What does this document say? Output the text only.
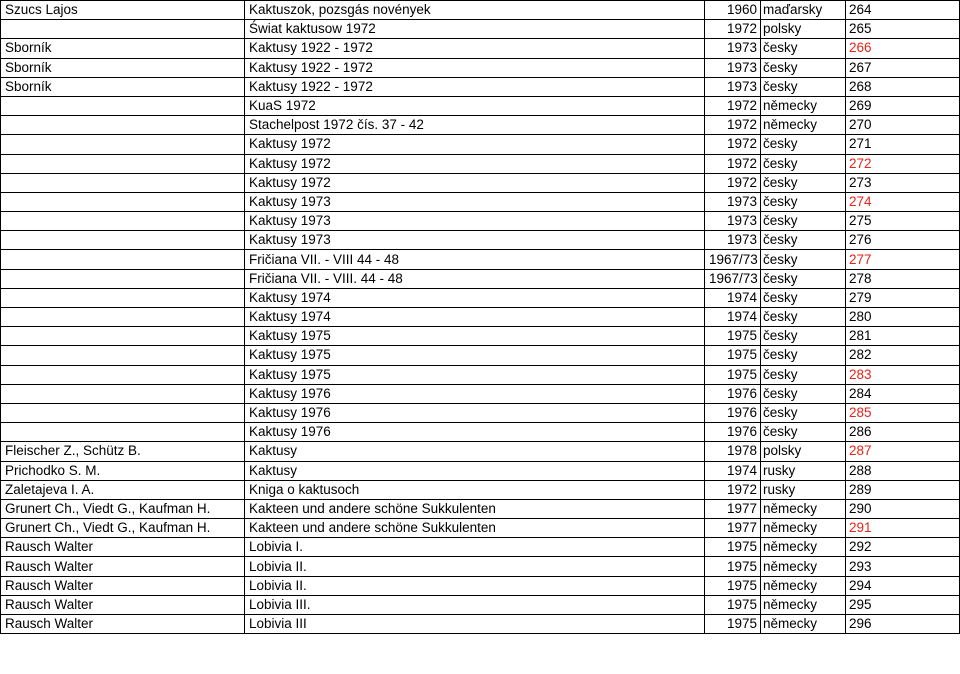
Szucs Lajos	Kaktuszok, pozsgás novények	1960	maďarsky	264
	Świat kaktusow 1972	1972	polsky	265
Sborník	Kaktusy 1922 - 1972	1973	česky	266
Sborník	Kaktusy 1922 - 1972	1973	česky	267
Sborník	Kaktusy 1922 - 1972	1973	česky	268
	KuaS 1972	1972	německy	269
	Stachelpost 1972 čís. 37 - 42	1972	německy	270
	Kaktusy 1972	1972	česky	271
	Kaktusy 1972	1972	česky	272
	Kaktusy 1972	1972	česky	273
	Kaktusy 1973	1973	česky	274
	Kaktusy 1973	1973	česky	275
	Kaktusy 1973	1973	česky	276
	Fričiana VII. - VIII 44 - 48	1967/73	česky	277
	Fričiana VII. - VIII. 44 - 48	1967/73	česky	278
	Kaktusy 1974	1974	česky	279
	Kaktusy 1974	1974	česky	280
	Kaktusy 1975	1975	česky	281
	Kaktusy 1975	1975	česky	282
	Kaktusy 1975	1975	česky	283
	Kaktusy 1976	1976	česky	284
	Kaktusy 1976	1976	česky	285
	Kaktusy 1976	1976	česky	286
Fleischer Z., Schütz B.	Kaktusy	1978	polsky	287
Prichodko S. M.	Kaktusy	1974	rusky	288
Zaletajeva I. A.	Kniga o kaktusoch	1972	rusky	289
Grunert Ch., Viedt G., Kaufman H.	Kakteen und andere schöne Sukkulenten	1977	německy	290
Grunert Ch., Viedt G., Kaufman H.	Kakteen und andere schöne Sukkulenten	1977	německy	291
Rausch Walter	Lobivia I.	1975	německy	292
Rausch Walter	Lobivia II.	1975	německy	293
Rausch Walter	Lobivia II.	1975	německy	294
Rausch Walter	Lobivia III.	1975	německy	295
Rausch Walter	Lobivia III	1975	německy	296
